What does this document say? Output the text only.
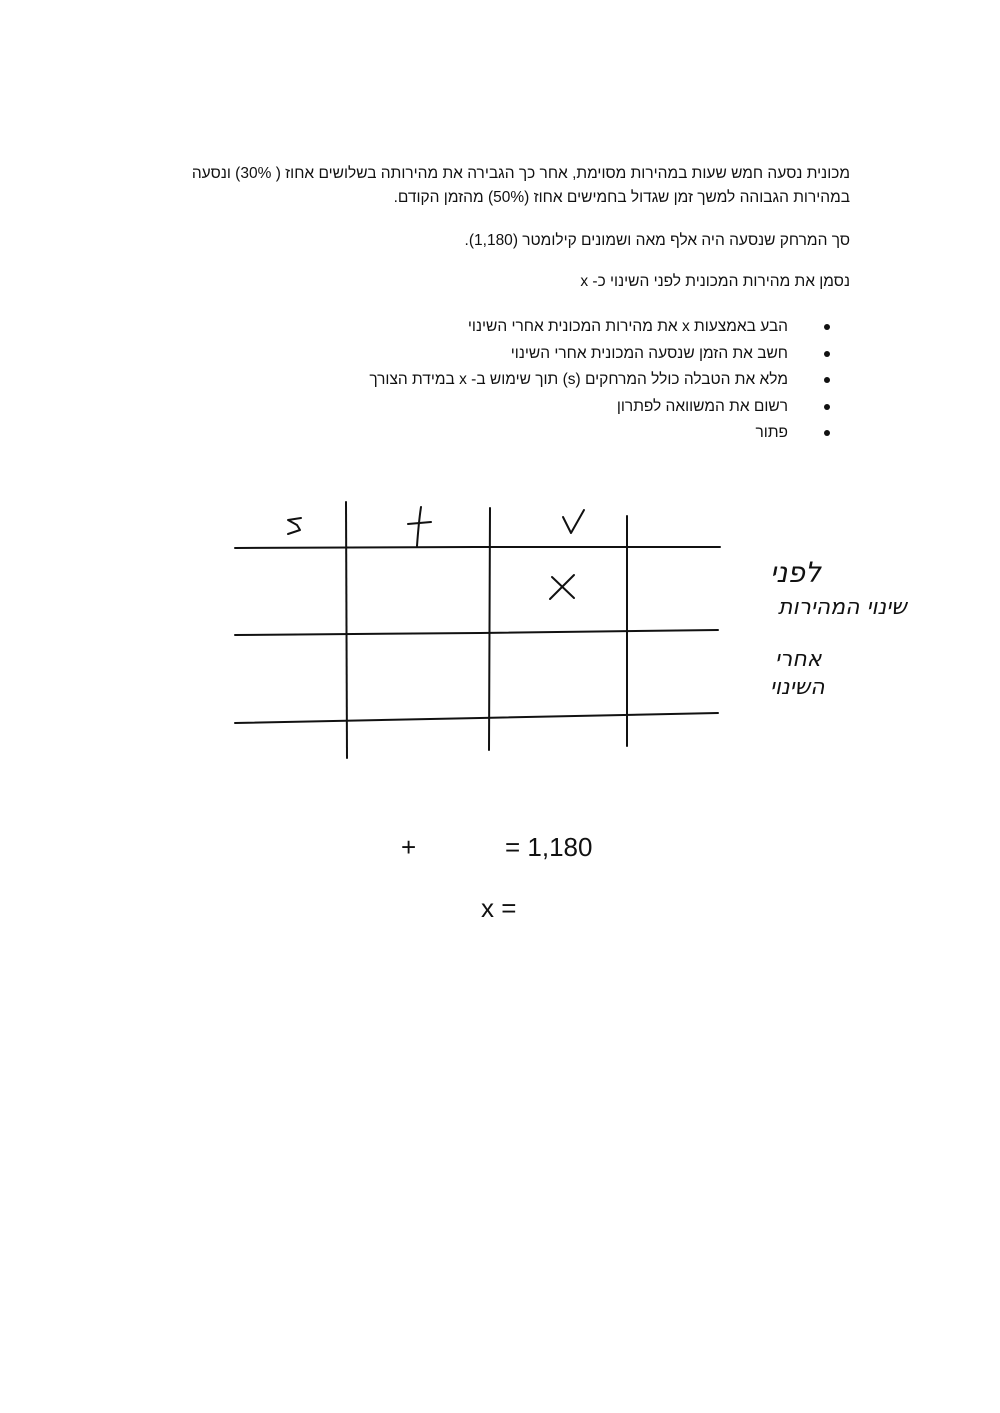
מכונית נסעה חמש שעות במהירות מסוימת, אחר כך הגבירה את מהירותה בשלושים אחוז ( 30%) ונסעה במהירות הגבוהה למשך זמן שגדול בחמישים אחוז (50%) מהזמן הקודם.
סך המרחק שנסעה היה אלף מאה ושמונים קילומטר (1,180).
נסמן את מהירות המכונית לפני השינוי כ- x
הבע באמצעות x את מהירות המכונית אחרי השינוי
חשב את הזמן שנסעה המכונית אחרי השינוי
מלא את הטבלה כולל המרחקים (s) תוך שימוש ב- x במידת הצורך
רשום את המשוואה לפתרון
פתור
לפני
שינוי המהירות
אחרי
השינוי
+	= 1,180
x =
